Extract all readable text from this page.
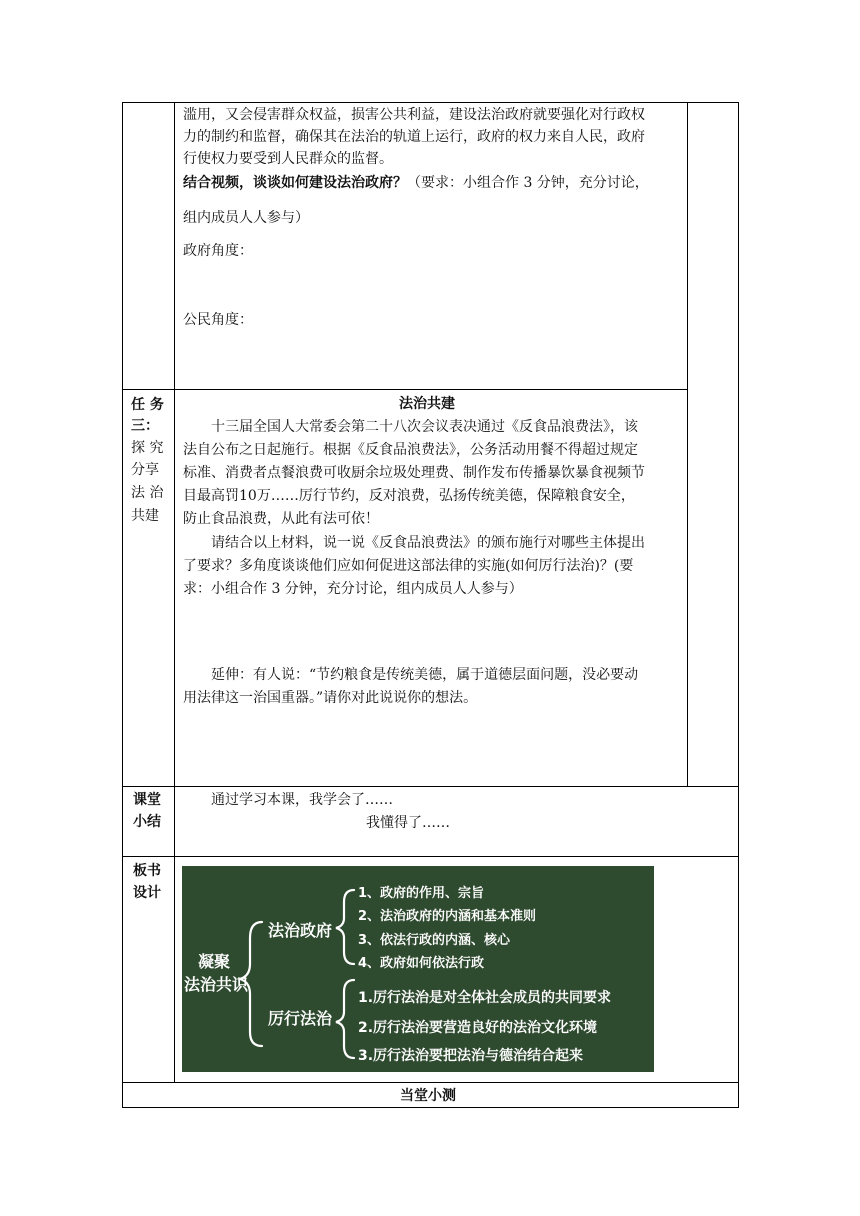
滥用，又会侵害群众权益，损害公共利益，建设法治政府就要强化对行政权
力的制约和监督，确保其在法治的轨道上运行，政府的权力来自人民，政府
行使权力要受到人民群众的监督。
结合视频，谈谈如何建设法治政府？（要求：小组合作 3 分钟，充分讨论，
组内成员人人参与）
政府角度：
公民角度：
任 务
三：
探 究
分享
法 治
共建
法治共建
十三届全国人大常委会第二十八次会议表决通过《反食品浪费法》，该
法自公布之日起施行。根据《反食品浪费法》，公务活动用餐不得超过规定
标准、消费者点餐浪费可收厨余垃圾处理费、制作发布传播暴饮暴食视频节
目最高罚10万……厉行节约，反对浪费，弘扬传统美德，保障粮食安全，
防止食品浪费，从此有法可依！
请结合以上材料，说一说《反食品浪费法》的颁布施行对哪些主体提出
了要求？多角度谈谈他们应如何促进这部法律的实施(如何厉行法治)？(要
求：小组合作 3 分钟，充分讨论，组内成员人人参与）
延伸：有人说：“节约粮食是传统美德，属于道德层面问题，没必要动
用法律这一治国重器。”请你对此说说你的想法。
课堂
小结
通过学习本课，我学会了……
我懂得了……
板书
设计
凝聚
法治共识
法治政府
1、政府的作用、宗旨
2、法治政府的内涵和基本准则
3、依法行政的内涵、核心
4、政府如何依法行政
厉行法治
1.厉行法治是对全体社会成员的共同要求
2.厉行法治要营造良好的法治文化环境
3.厉行法治要把法治与德治结合起来
当堂小测
